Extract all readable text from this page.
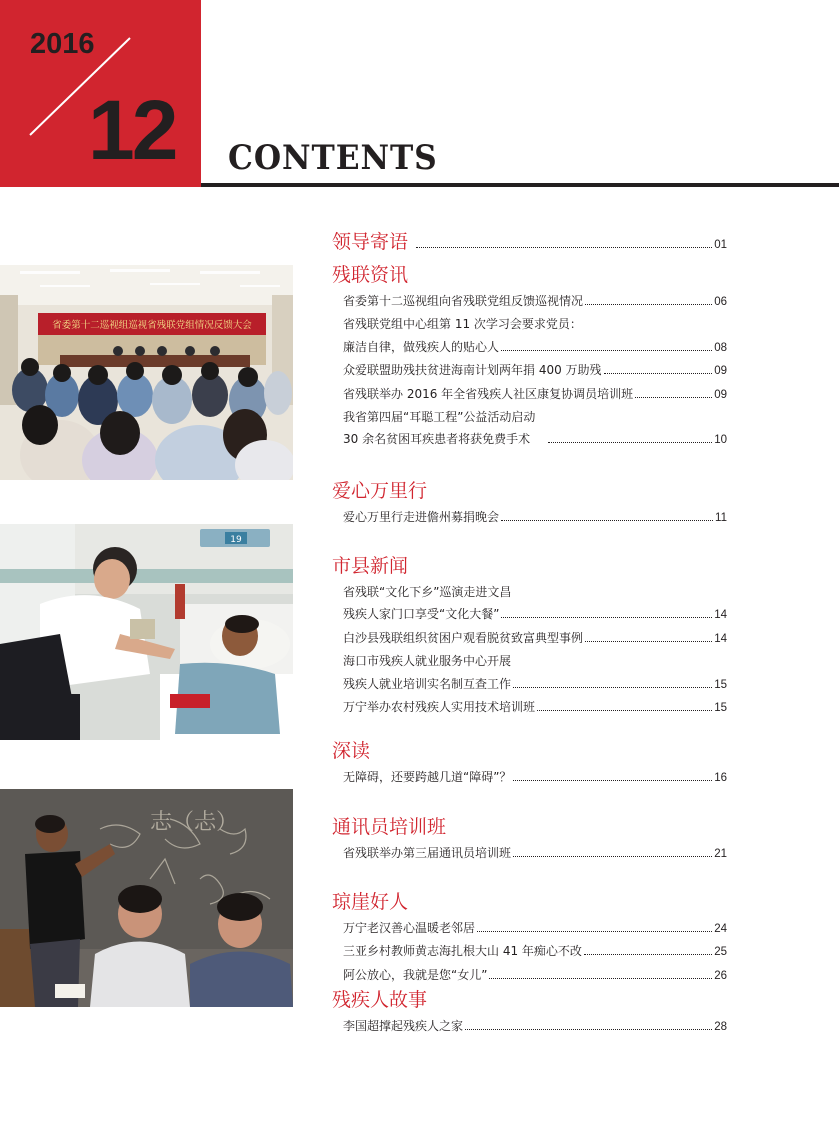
2016
12 CONTENTS
省委第十二巡视组巡视省残联党组情况反馈大会
19
志（忐）
领导寄语	01
残联资讯
省委第十二巡视组向省残联党组反馈巡视情况	06
省残联党组中心组第 11 次学习会要求党员：
廉洁自律，做残疾人的贴心人	08
众爱联盟助残扶贫进海南计划两年捐 400 万助残	09
省残联举办 2016 年全省残疾人社区康复协调员培训班	09
我省第四届“耳聪工程”公益活动启动
30 余名贫困耳疾患者将获免费手术	10
爱心万里行
爱心万里行走进儋州募捐晚会	11
市县新闻
省残联“文化下乡”巡演走进文昌
残疾人家门口享受“文化大餐”	14
白沙县残联组织贫困户观看脱贫致富典型事例	14
海口市残疾人就业服务中心开展
残疾人就业培训实名制互查工作	15
万宁举办农村残疾人实用技术培训班	15
深读
无障碍，还要跨越几道“障碍”？	16
通讯员培训班
省残联举办第三届通讯员培训班	21
琼崖好人
万宁老汉善心温暖老邻居	24
三亚乡村教师黄志海扎根大山 41 年痴心不改	25
阿公放心，我就是您“女儿”	26
残疾人故事
李国超撑起残疾人之家	28
